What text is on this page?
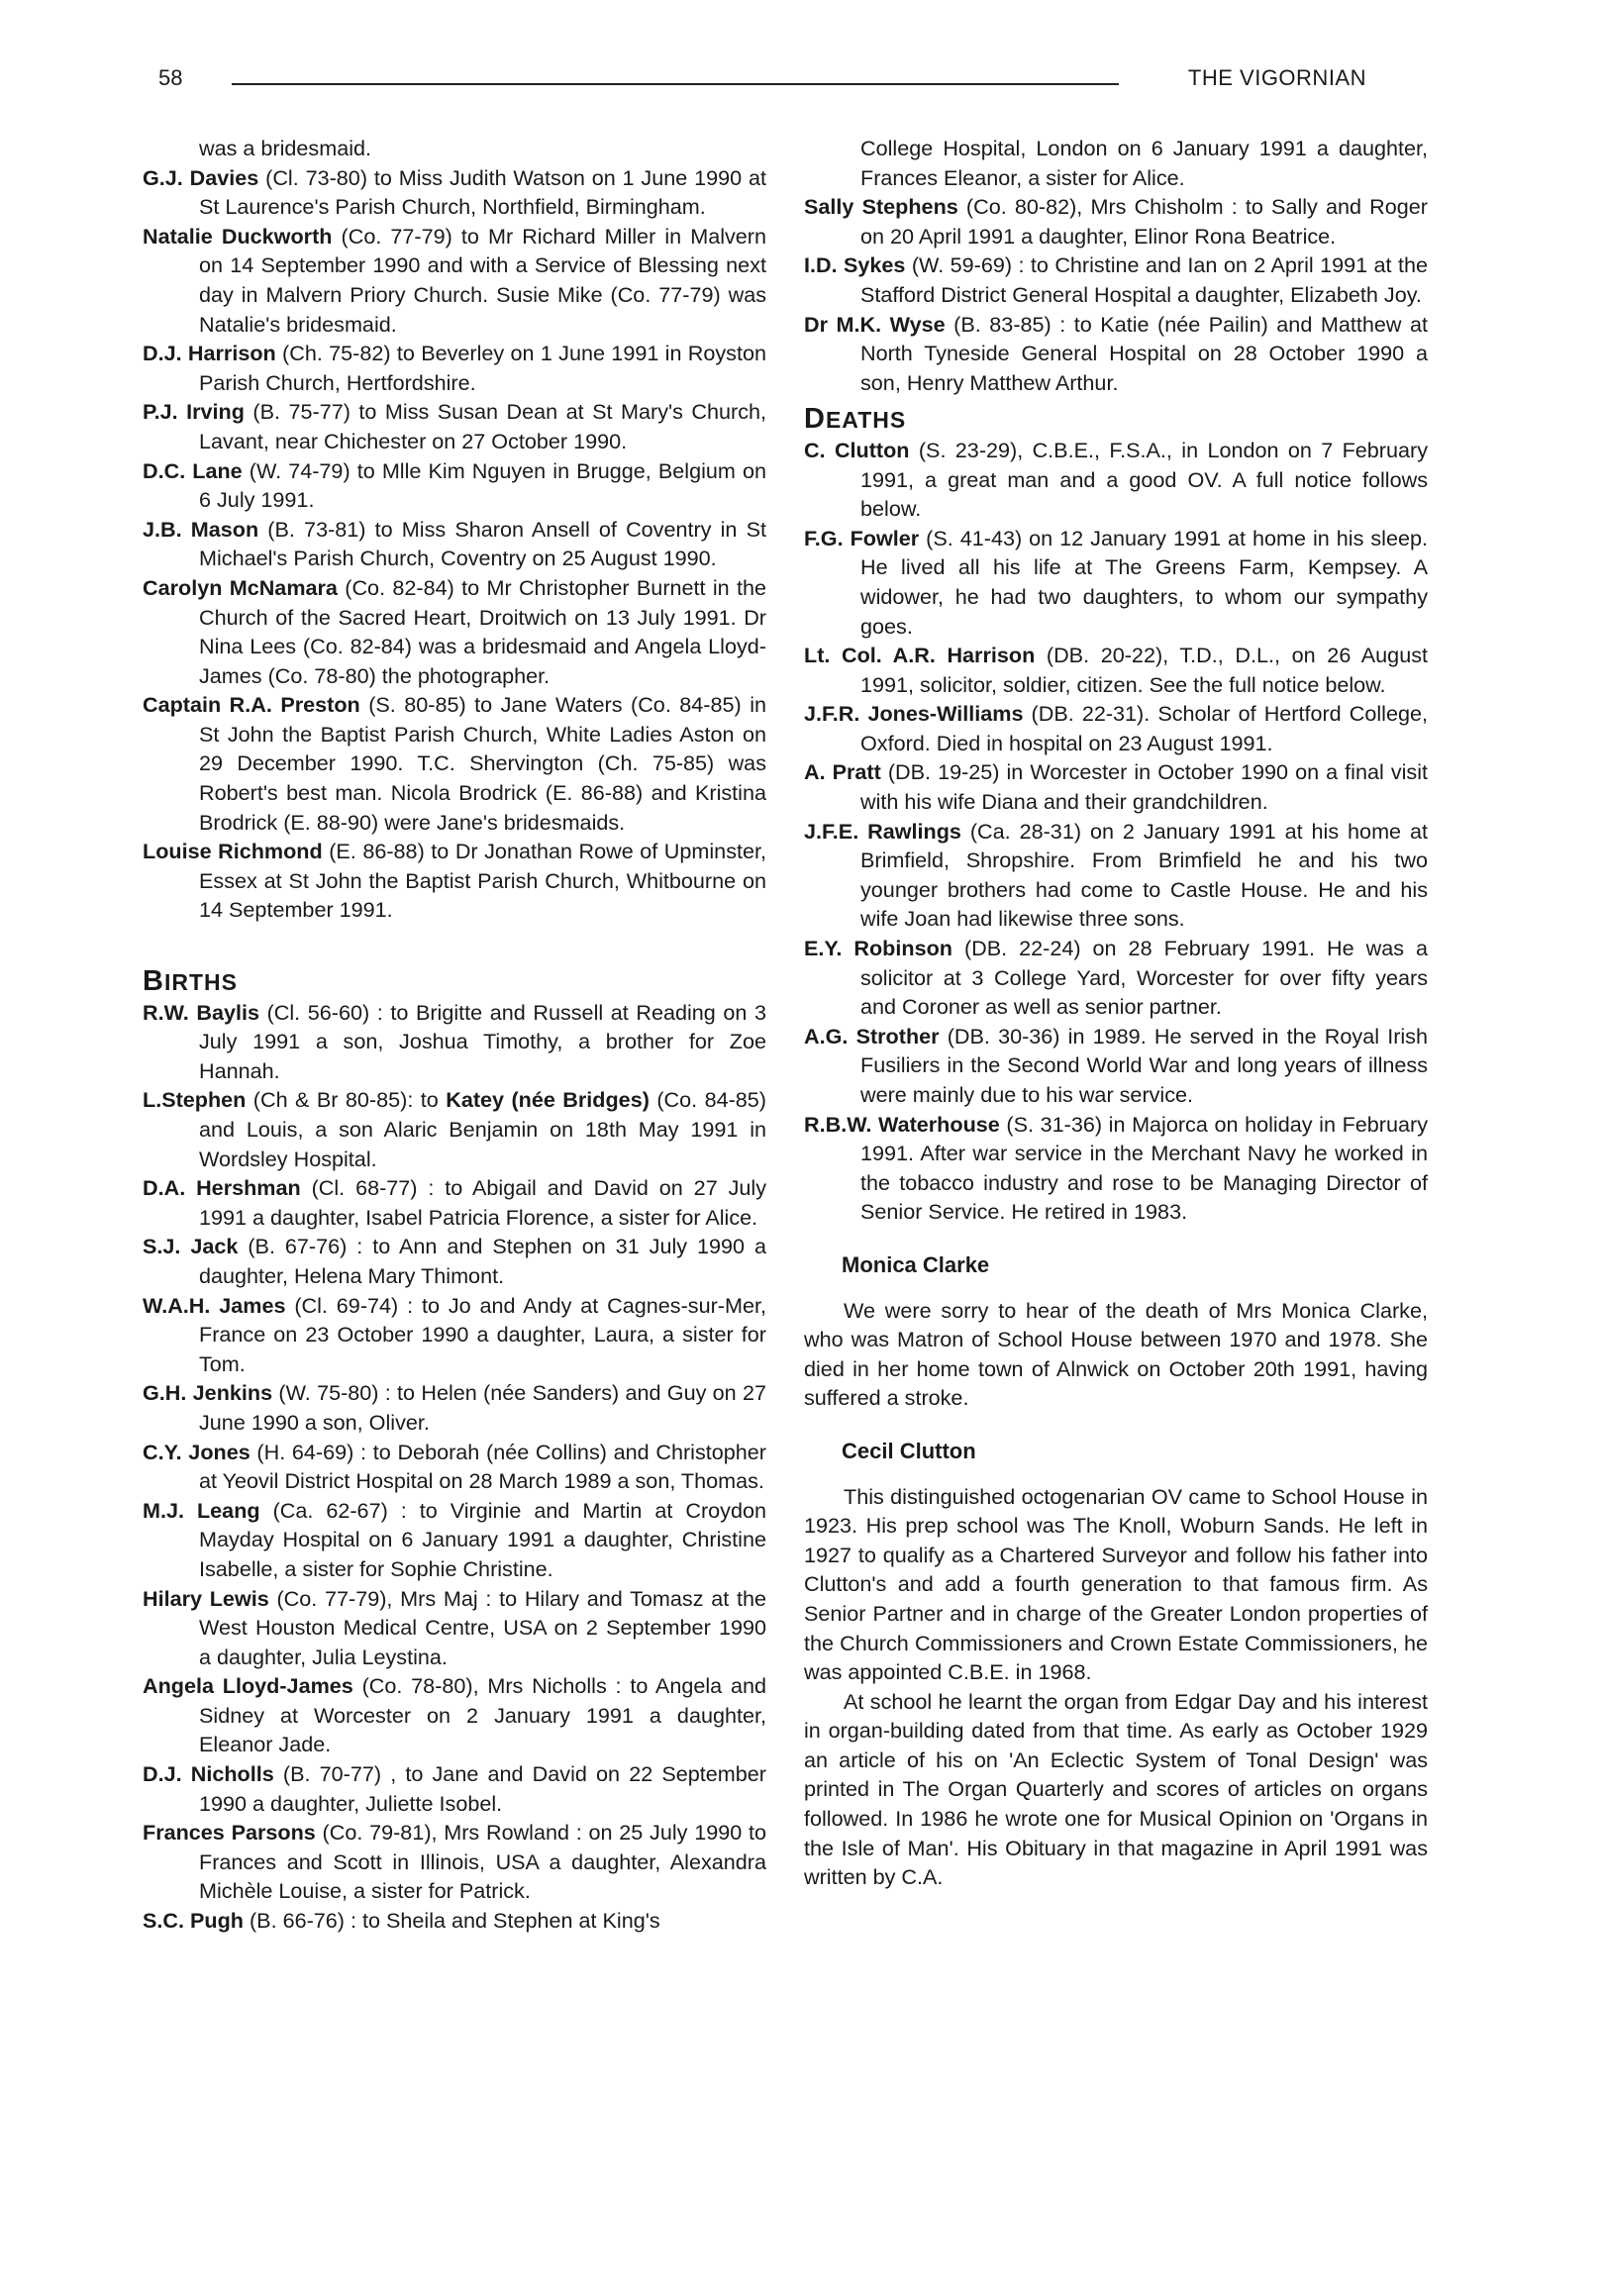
58	THE VIGORNIAN

was a bridesmaid.

G.J. Davies (Cl. 73-80) to Miss Judith Watson on 1 June 1990 at St Laurence's Parish Church, Northfield, Birmingham.

Natalie Duckworth (Co. 77-79) to Mr Richard Miller in Malvern on 14 September 1990 and with a Service of Blessing next day in Malvern Priory Church. Susie Mike (Co. 77-79) was Natalie's bridesmaid.

D.J. Harrison (Ch. 75-82) to Beverley on 1 June 1991 in Royston Parish Church, Hertfordshire.

P.J. Irving (B. 75-77) to Miss Susan Dean at St Mary's Church, Lavant, near Chichester on 27 October 1990.

D.C. Lane (W. 74-79) to Mlle Kim Nguyen in Brugge, Belgium on 6 July 1991.

J.B. Mason (B. 73-81) to Miss Sharon Ansell of Coventry in St Michael's Parish Church, Coventry on 25 August 1990.

Carolyn McNamara (Co. 82-84) to Mr Christopher Burnett in the Church of the Sacred Heart, Droitwich on 13 July 1991. Dr Nina Lees (Co. 82-84) was a bridesmaid and Angela Lloyd-James (Co. 78-80) the photographer.

Captain R.A. Preston (S. 80-85) to Jane Waters (Co. 84-85) in St John the Baptist Parish Church, White Ladies Aston on 29 December 1990. T.C. Shervington (Ch. 75-85) was Robert's best man. Nicola Brodrick (E. 86-88) and Kristina Brodrick (E. 88-90) were Jane's bridesmaids.

Louise Richmond (E. 86-88) to Dr Jonathan Rowe of Upminster, Essex at St John the Baptist Parish Church, Whitbourne on 14 September 1991.

BIRTHS

R.W. Baylis (Cl. 56-60) : to Brigitte and Russell at Reading on 3 July 1991 a son, Joshua Timothy, a brother for Zoe Hannah.

L.Stephen (Ch & Br 80-85): to Katey (née Bridges) (Co. 84-85) and Louis, a son Alaric Benjamin on 18th May 1991 in Wordsley Hospital.

D.A. Hershman (Cl. 68-77) : to Abigail and David on 27 July 1991 a daughter, Isabel Patricia Florence, a sister for Alice.

S.J. Jack (B. 67-76) : to Ann and Stephen on 31 July 1990 a daughter, Helena Mary Thimont.

W.A.H. James (Cl. 69-74) : to Jo and Andy at Cagnes-sur-Mer, France on 23 October 1990 a daughter, Laura, a sister for Tom.

G.H. Jenkins (W. 75-80) : to Helen (née Sanders) and Guy on 27 June 1990 a son, Oliver.

C.Y. Jones (H. 64-69) : to Deborah (née Collins) and Christopher at Yeovil District Hospital on 28 March 1989 a son, Thomas.

M.J. Leang (Ca. 62-67) : to Virginie and Martin at Croydon Mayday Hospital on 6 January 1991 a daughter, Christine Isabelle, a sister for Sophie Christine.

Hilary Lewis (Co. 77-79), Mrs Maj : to Hilary and Tomasz at the West Houston Medical Centre, USA on 2 September 1990 a daughter, Julia Leystina.

Angela Lloyd-James (Co. 78-80), Mrs Nicholls : to Angela and Sidney at Worcester on 2 January 1991 a daughter, Eleanor Jade.

D.J. Nicholls (B. 70-77) , to Jane and David on 22 September 1990 a daughter, Juliette Isobel.

Frances Parsons (Co. 79-81), Mrs Rowland : on 25 July 1990 to Frances and Scott in Illinois, USA a daughter, Alexandra Michèle Louise, a sister for Patrick.

S.C. Pugh (B. 66-76) : to Sheila and Stephen at King's

College Hospital, London on 6 January 1991 a daughter, Frances Eleanor, a sister for Alice.

Sally Stephens (Co. 80-82), Mrs Chisholm : to Sally and Roger on 20 April 1991 a daughter, Elinor Rona Beatrice.

I.D. Sykes (W. 59-69) : to Christine and Ian on 2 April 1991 at the Stafford District General Hospital a daughter, Elizabeth Joy.

Dr M.K. Wyse (B. 83-85) : to Katie (née Pailin) and Matthew at North Tyneside General Hospital on 28 October 1990 a son, Henry Matthew Arthur.

DEATHS

C. Clutton (S. 23-29), C.B.E., F.S.A., in London on 7 February 1991, a great man and a good OV. A full notice follows below.

F.G. Fowler (S. 41-43) on 12 January 1991 at home in his sleep. He lived all his life at The Greens Farm, Kempsey. A widower, he had two daughters, to whom our sympathy goes.

Lt. Col. A.R. Harrison (DB. 20-22), T.D., D.L., on 26 August 1991, solicitor, soldier, citizen. See the full notice below.

J.F.R. Jones-Williams (DB. 22-31). Scholar of Hertford College, Oxford. Died in hospital on 23 August 1991.

A. Pratt (DB. 19-25) in Worcester in October 1990 on a final visit with his wife Diana and their grandchildren.

J.F.E. Rawlings (Ca. 28-31) on 2 January 1991 at his home at Brimfield, Shropshire. From Brimfield he and his two younger brothers had come to Castle House. He and his wife Joan had likewise three sons.

E.Y. Robinson (DB. 22-24) on 28 February 1991. He was a solicitor at 3 College Yard, Worcester for over fifty years and Coroner as well as senior partner.

A.G. Strother (DB. 30-36) in 1989. He served in the Royal Irish Fusiliers in the Second World War and long years of illness were mainly due to his war service.

R.B.W. Waterhouse (S. 31-36) in Majorca on holiday in February 1991. After war service in the Merchant Navy he worked in the tobacco industry and rose to be Managing Director of Senior Service. He retired in 1983.

Monica Clarke

We were sorry to hear of the death of Mrs Monica Clarke, who was Matron of School House between 1970 and 1978. She died in her home town of Alnwick on October 20th 1991, having suffered a stroke.

Cecil Clutton

This distinguished octogenarian OV came to School House in 1923. His prep school was The Knoll, Woburn Sands. He left in 1927 to qualify as a Chartered Surveyor and follow his father into Clutton's and add a fourth generation to that famous firm. As Senior Partner and in charge of the Greater London properties of the Church Commissioners and Crown Estate Commissioners, he was appointed C.B.E. in 1968.

At school he learnt the organ from Edgar Day and his interest in organ-building dated from that time. As early as October 1929 an article of his on 'An Eclectic System of Tonal Design' was printed in The Organ Quarterly and scores of articles on organs followed. In 1986 he wrote one for Musical Opinion on 'Organs in the Isle of Man'. His Obituary in that magazine in April 1991 was written by C.A.
